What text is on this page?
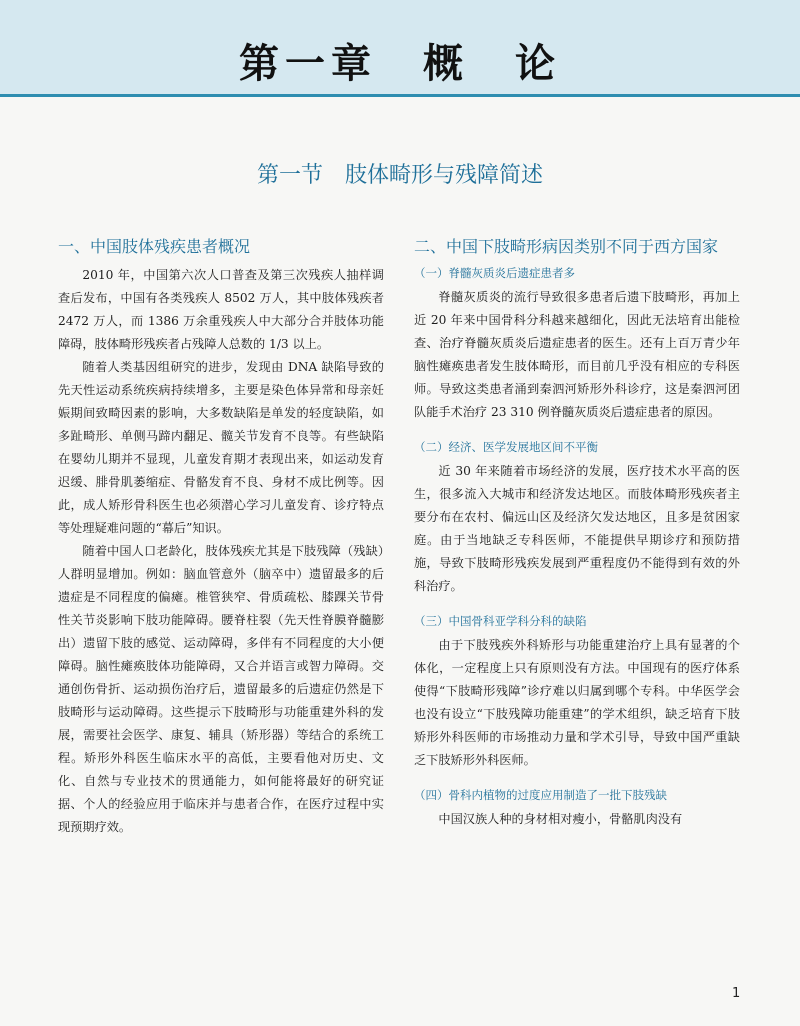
第一章　概　论
第一节　肢体畸形与残障简述
一、中国肢体残疾患者概况

2010 年，中国第六次人口普查及第三次残疾人抽样调查后发布，中国有各类残疾人 8502 万人，其中肢体残疾者 2472 万人，而 1386 万余重残疾人中大部分合并肢体功能障碍，肢体畸形残疾者占残障人总数的 1/3 以上。

随着人类基因组研究的进步，发现由 DNA 缺陷导致的先天性运动系统疾病持续增多，主要是染色体异常和母亲妊娠期间致畸因素的影响，大多数缺陷是单发的轻度缺陷，如多趾畸形、单侧马蹄内翻足、髋关节发育不良等。有些缺陷在婴幼儿期并不显现，儿童发育期才表现出来，如运动发育迟缓、腓骨肌萎缩症、骨骼发育不良、身材不成比例等。因此，成人矫形骨科医生也必须潜心学习儿童发育、诊疗特点等处理疑难问题的“幕后”知识。

随着中国人口老龄化，肢体残疾尤其是下肢残障（残缺）人群明显增加。例如：脑血管意外（脑卒中）遗留最多的后遗症是不同程度的偏瘫。椎管狭窄、骨质疏松、膝踝关节骨性关节炎影响下肢功能障碍。腰脊柱裂（先天性脊膜脊髓膨出）遗留下肢的感觉、运动障碍，多伴有不同程度的大小便障碍。脑性瘫痪肢体功能障碍，又合并语言或智力障碍。交通创伤骨折、运动损伤治疗后，遗留最多的后遗症仍然是下肢畸形与运动障碍。这些提示下肢畸形与功能重建外科的发展，需要社会医学、康复、辅具（矫形器）等结合的系统工程。矫形外科医生临床水平的高低，主要看他对历史、文化、自然与专业技术的贯通能力，如何能将最好的研究证据、个人的经验应用于临床并与患者合作，在医疗过程中实现预期疗效。

二、中国下肢畸形病因类别不同于西方国家
（一）脊髓灰质炎后遗症患者多

脊髓灰质炎的流行导致很多患者后遗下肢畸形，再加上近 20 年来中国骨科分科越来越细化，因此无法培育出能检查、治疗脊髓灰质炎后遗症患者的医生。还有上百万青少年脑性瘫痪患者发生肢体畸形，而目前几乎没有相应的专科医师。导致这类患者涌到秦泗河矫形外科诊疗，这是秦泗河团队能手术治疗 23 310 例脊髓灰质炎后遗症患者的原因。

（二）经济、医学发展地区间不平衡

近 30 年来随着市场经济的发展，医疗技术水平高的医生，很多流入大城市和经济发达地区。而肢体畸形残疾者主要分布在农村、偏远山区及经济欠发达地区，且多是贫困家庭。由于当地缺乏专科医师，不能提供早期诊疗和预防措施，导致下肢畸形残疾发展到严重程度仍不能得到有效的外科治疗。

（三）中国骨科亚学科分科的缺陷

由于下肢残疾外科矫形与功能重建治疗上具有显著的个体化，一定程度上只有原则没有方法。中国现有的医疗体系使得“下肢畸形残障”诊疗难以归属到哪个专科。中华医学会也没有设立“下肢残障功能重建”的学术组织，缺乏培育下肢矫形外科医师的市场推动力量和学术引导，导致中国严重缺乏下肢矫形外科医师。

（四）骨科内植物的过度应用制造了一批下肢残缺

中国汉族人种的身材相对瘦小，骨骼肌肉没有

1
